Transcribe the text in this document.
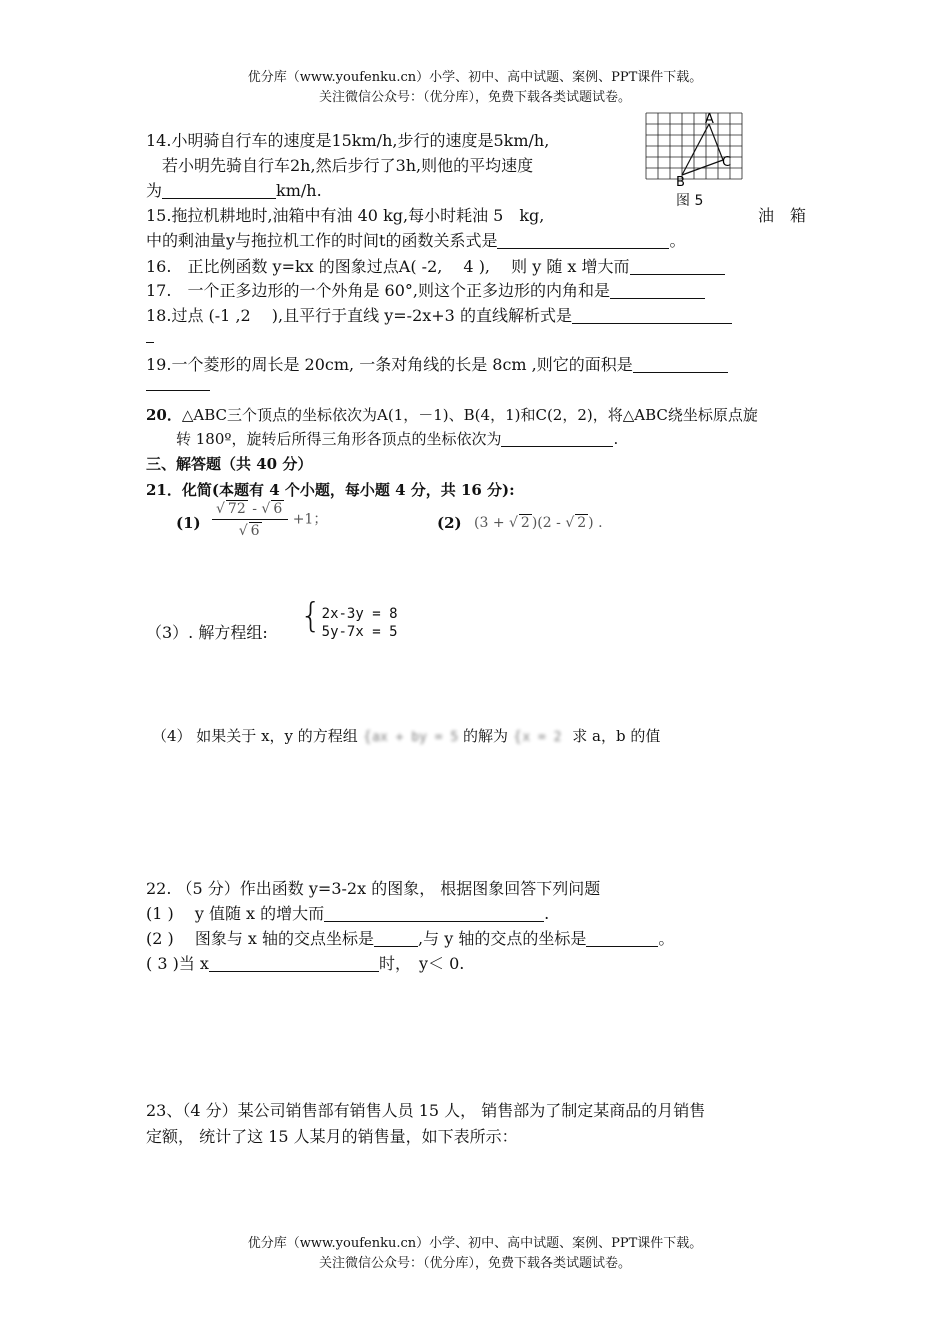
优分库（www.youfenku.cn）小学、初中、高中试题、案例、PPT课件下载。
关注微信公众号：（优分库），免费下载各类试题试卷。
A
B
C
图 5
14.小明骑自行车的速度是15km/h,步行的速度是5km/h,
若小明先骑自行车2h,然后步行了3h,则他的平均速度
为	km/h.
15.拖拉机耕地时,油箱中有油 40 kg,每小时耗油 5　kg,	油　箱
中的剩油量y与拖拉机工作的时间t的函数关系式是	。
16.　正比例函数 y=kx 的图象过点A( -2,　 4 ),　 则 y 随 x 增大而
17.　一个正多边形的一个外角是 60°,则这个正多边形的内角和是
18.过点 (-1 ,2　 ),且平行于直线 y=-2x+3 的直线解析式是
19.一个菱形的周长是 20cm, 一条对角线的长是 8cm ,则它的面积是
20．△ABC三个顶点的坐标依次为A(1，－1)、B(4，1)和C(2，2)，将△ABC绕坐标原点旋
转 180º，旋转后所得三角形各顶点的坐标依次为	.
三、解答题（共 40 分）
21．化简(本题有 4 个小题，每小题 4 分，共 16 分):
$(1) \frac{√ 72 - √ 6}{√ 6} +1$；	(2) (3 + √ 2 )(2 - √ 2 ) .
（3）. 解方程组: { 2x-3y = 8
5y-7x = 5
（4） 如果关于 x，y 的方程组 {ax + by = 5 的解为 {x = 2 求 a，b 的值
22. （5 分）作出函数 y=3-2x 的图象， 根据图象回答下列问题
(1 )　 y 值随 x 的增大而	.
(2 )　 图象与 x 轴的交点坐标是	,与 y 轴的交点的坐标是	。
( 3 )当 x	时，　y＜ 0.
23、（4 分）某公司销售部有销售人员 15 人， 销售部为了制定某商品的月销售
定额， 统计了这 15 人某月的销售量，如下表所示：
优分库（www.youfenku.cn）小学、初中、高中试题、案例、PPT课件下载。
关注微信公众号：（优分库），免费下载各类试题试卷。
